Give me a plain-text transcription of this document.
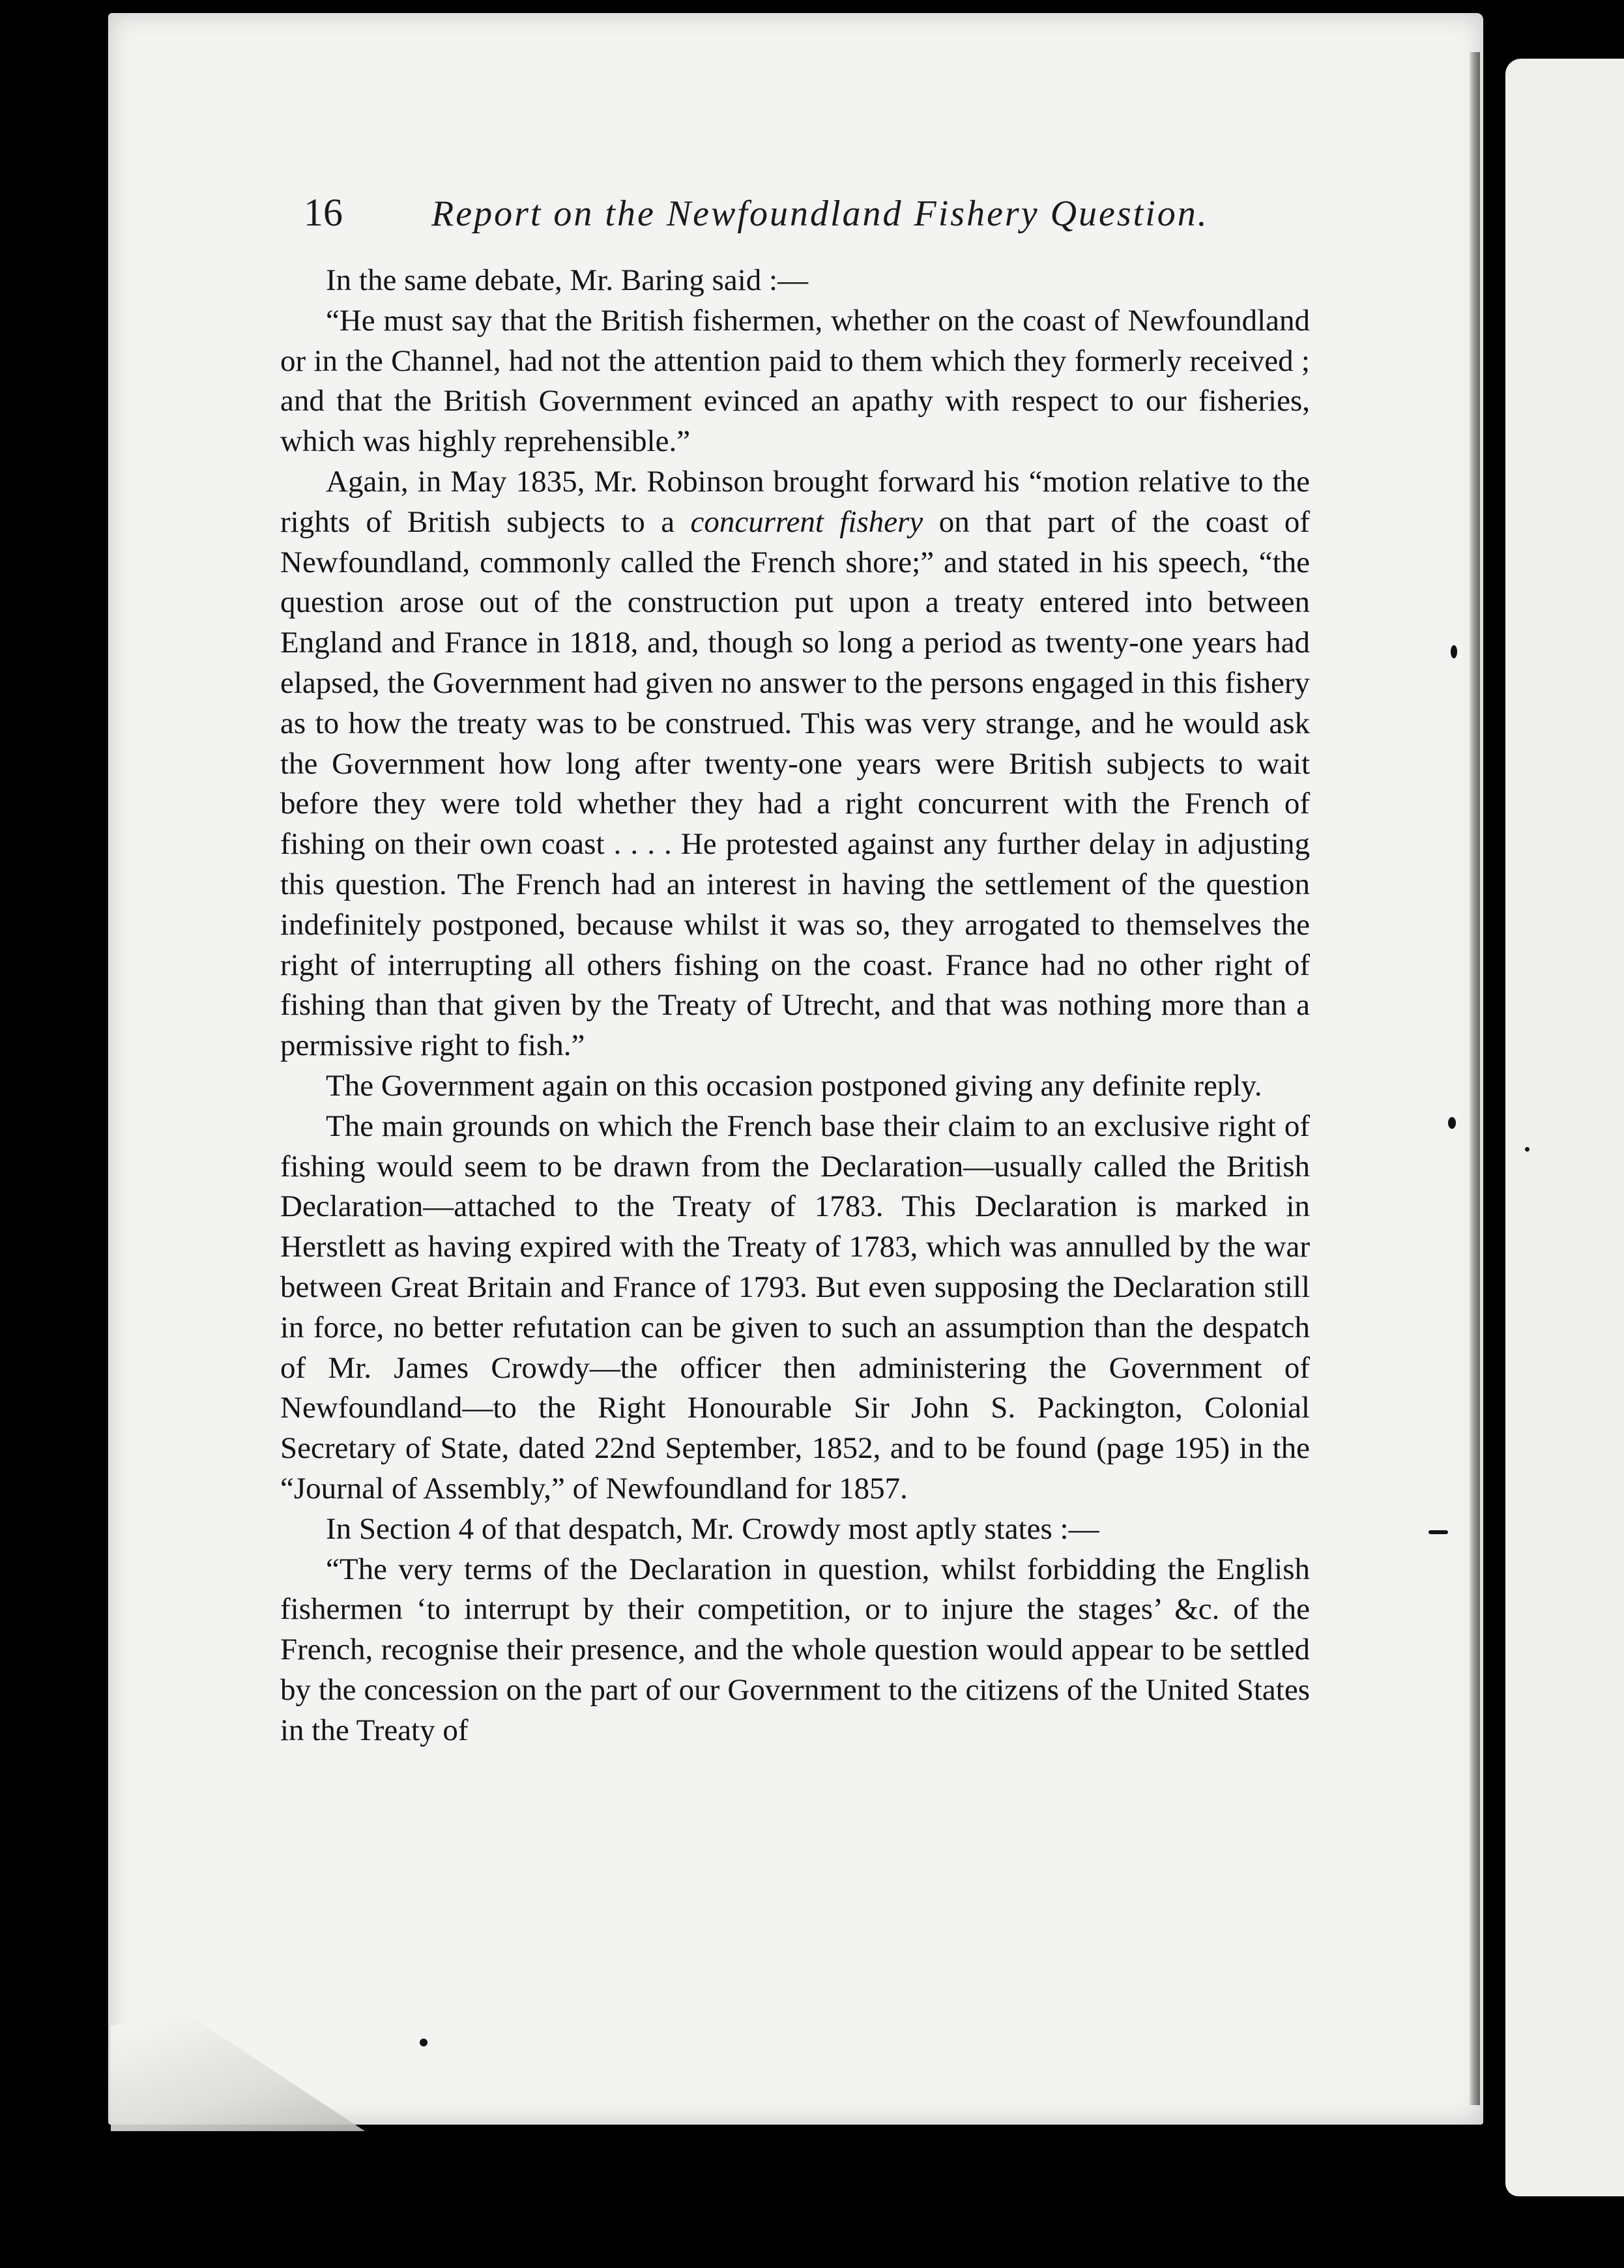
16 Report on the Newfoundland Fishery Question.

In the same debate, Mr. Baring said :—

“He must say that the British fishermen, whether on the coast of Newfoundland or in the Channel, had not the attention paid to them which they formerly received ; and that the British Government evinced an apathy with respect to our fisheries, which was highly reprehensible.”

Again, in May 1835, Mr. Robinson brought forward his “motion relative to the rights of British subjects to a concurrent fishery on that part of the coast of Newfoundland, commonly called the French shore;” and stated in his speech, “the question arose out of the construction put upon a treaty entered into between England and France in 1818, and, though so long a period as twenty-one years had elapsed, the Government had given no answer to the persons engaged in this fishery as to how the treaty was to be construed. This was very strange, and he would ask the Government how long after twenty-one years were British subjects to wait before they were told whether they had a right concurrent with the French of fishing on their own coast . . . . He protested against any further delay in adjusting this question. The French had an interest in having the settlement of the question indefinitely postponed, because whilst it was so, they arrogated to themselves the right of interrupting all others fishing on the coast. France had no other right of fishing than that given by the Treaty of Utrecht, and that was nothing more than a permissive right to fish.”

The Government again on this occasion postponed giving any definite reply.

The main grounds on which the French base their claim to an exclusive right of fishing would seem to be drawn from the Declaration—usually called the British Declaration—attached to the Treaty of 1783. This Declaration is marked in Herstlett as having expired with the Treaty of 1783, which was annulled by the war between Great Britain and France of 1793. But even supposing the Declaration still in force, no better refutation can be given to such an assumption than the despatch of Mr. James Crowdy—the officer then administering the Government of Newfoundland—to the Right Honourable Sir John S. Packington, Colonial Secretary of State, dated 22nd September, 1852, and to be found (page 195) in the “Journal of Assembly,” of Newfoundland for 1857.

In Section 4 of that despatch, Mr. Crowdy most aptly states :—

“The very terms of the Declaration in question, whilst forbidding the English fishermen ‘to interrupt by their competition, or to injure the stages’ &c. of the French, recognise their presence, and the whole question would appear to be settled by the concession on the part of our Government to the citizens of the United States in the Treaty of
